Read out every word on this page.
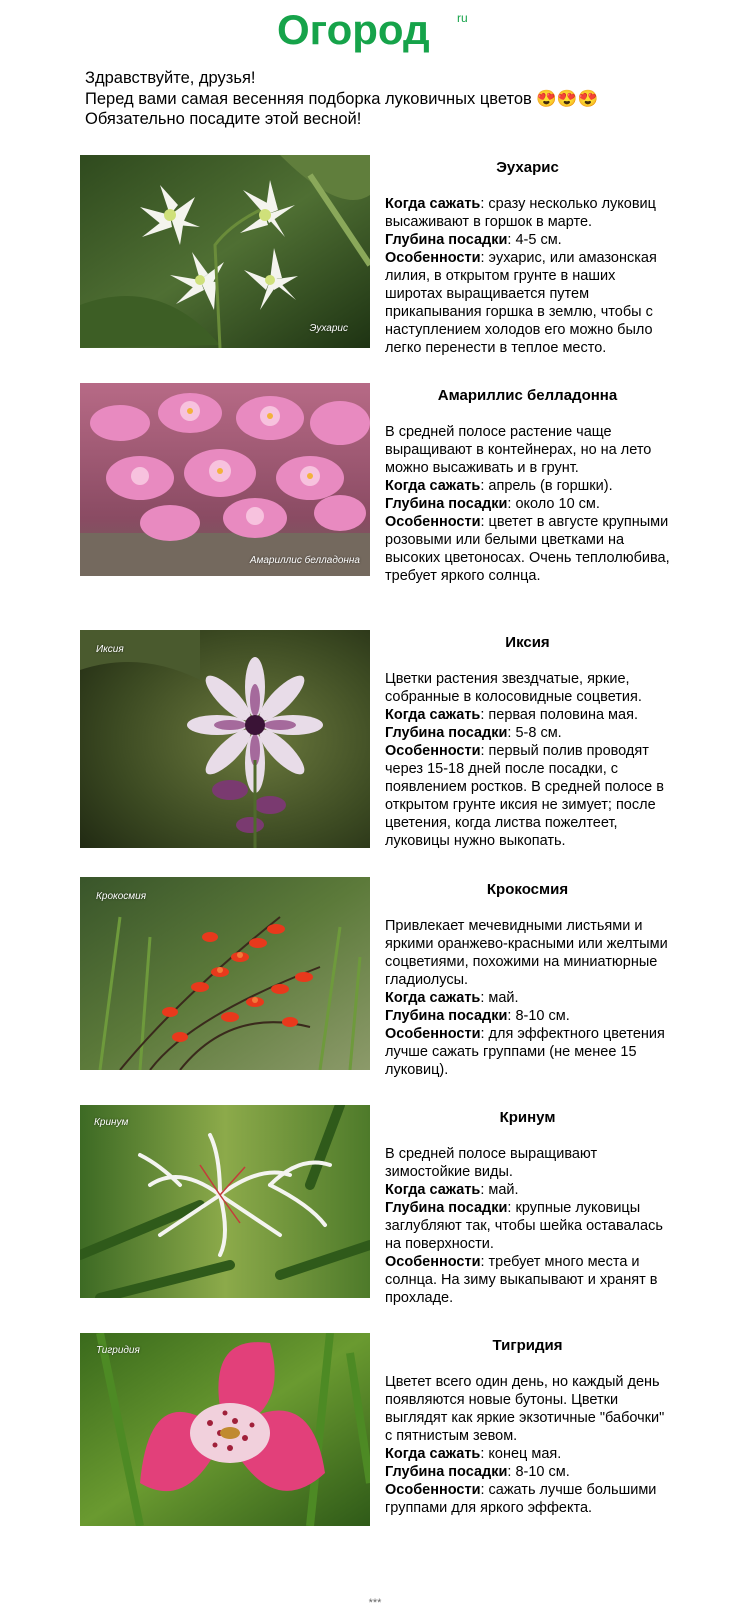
Огород ru

Здравствуйте, друзья!

Перед вами самая весенняя подборка луковичных цветов 😍😍😍

Обязательно посадите этой весной!

Эухарис
Эухарис

Когда сажать: сразу несколько луковиц высаживают в горшок в марте.

Глубина посадки: 4-5 см.

Особенности: эухарис, или амазонская лилия, в открытом грунте в наших широтах выращивается путем прикапывания горшка в землю, чтобы с наступлением холодов его можно было легко перенести в теплое место.

Амариллис белладонна
Амариллис белладонна

В средней полосе растение чаще выращивают в контейнерах, но на лето можно высаживать и в грунт.

Когда сажать: апрель (в горшки).

Глубина посадки: около 10 см.

Особенности: цветет в августе крупными розовыми или белыми цветками на высоких цветоносах. Очень теплолюбива, требует яркого солнца.

Иксия	Иксия

Цветки растения звездчатые, яркие, собранные в колосовидные соцветия.

Когда сажать: первая половина мая.

Глубина посадки: 5-8 см.

Особенности: первый полив проводят через 15-18 дней после посадки, с появлением ростков. В средней полосе в открытом грунте иксия не зимует; после цветения, когда листва пожелтеет, луковицы нужно выкопать.

Крокосмия	Крокосмия

Привлекает мечевидными листьями и яркими оранжево-красными или желтыми соцветиями, похожими на миниатюрные гладиолусы.

Когда сажать: май.

Глубина посадки: 8-10 см.

Особенности: для эффектного цветения лучше сажать группами (не менее 15 луковиц).

Кринум	Кринум

В средней полосе выращивают зимостойкие виды.

Когда сажать: май.

Глубина посадки: крупные луковицы заглубляют так, чтобы шейка оставалась на поверхности.

Особенности: требует много места и солнца. На зиму выкапывают и хранят в прохладе.

Тигридия	Тигридия

Цветет всего один день, но каждый день появляются новые бутоны. Цветки выглядят как яркие экзотичные "бабочки" с пятнистым зевом.

Когда сажать: конец мая.

Глубина посадки: 8-10 см.

Особенности: сажать лучше большими группами для яркого эффекта.

***
